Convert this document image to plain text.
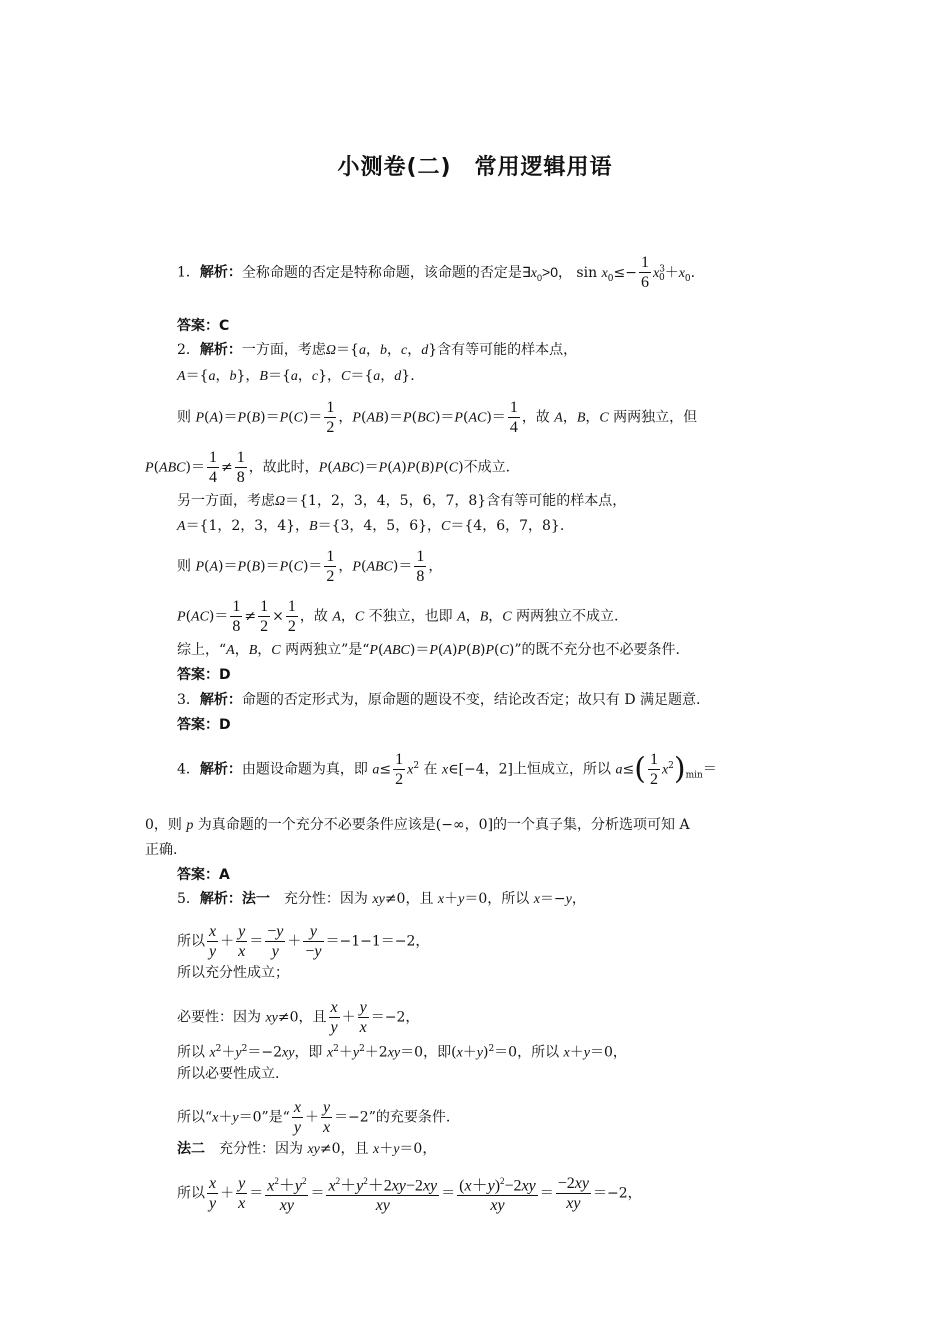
小测卷(二)　常用逻辑用语
1．解析：全称命题的否定是特称命题，该命题的否定是$\exists x_0>0$， $\sin x_0\le- \frac{1}{6} x^3_0+x_0$.
答案：C
2．解析：一方面，考虑Ω＝{a，b，c，d}含有等可能的样本点，
A＝{a，b}，B＝{a，c}，C＝{a，d}.
则 $P(A)=P(B)=P(C)= \frac{1}{2}$ ，$P(AB)=P(BC)=P(AC)= \frac{1}{4}$ ，故 A，B，C 两两独立，但
$P(ABC)= \frac{1}{4} \ne \frac{1}{8}$ ，故此时，P(ABC)＝P(A)P(B)P(C)不成立.
另一方面，考虑Ω＝{1，2，3，4，5，6，7，8}含有等可能的样本点，
A＝{1，2，3，4}，B＝{3，4，5，6}，C＝{4，6，7，8}.
则 $P(A)=P(B)=P(C)= \frac{1}{2}$ ，$P(ABC)= \frac{1}{8}$ ，
$P(AC)= \frac{1}{8} \ne \frac{1}{2} \times \frac{1}{2}$ ，故 A，C 不独立，也即 A，B，C 两两独立不成立.
综上，“A，B，C 两两独立”是“P(ABC)＝P(A)P(B)P(C)”的既不充分也不必要条件.
答案：D
3．解析：命题的否定形式为，原命题的题设不变，结论改否定；故只有 D 满足题意.
答案：D
4．解析：由题设命题为真，即 $a\le \frac{1}{2} x^2$ 在 x∈[−4，2]上恒成立，所以 $a\le( \frac{1}{2} x^2)_{min}=$
0，则 p 为真命题的一个充分不必要条件应该是(−∞，0]的一个真子集，分析选项可知 A
正确.
答案：A
5．解析：法一　充分性：因为 xy≠0，且 x＋y＝0，所以 x＝−y，
所以 $\frac{x}{y} + \frac{y}{x} = \frac{-y}{y} + \frac{y}{-y} =-1-1=-2$，
所以充分性成立；
必要性：因为 xy≠0，且 $\frac{x}{y} + \frac{y}{x} =-2$，
所以 $x^2+y^2=-2xy$，即 $x^2+y^2+2xy=0$，即$(x+y)^2=0$，所以 x＋y＝0，
所以必要性成立.
所以“x＋y＝0”是“ $\frac{x}{y} + \frac{y}{x} =-2$”的充要条件.
法二　充分性：因为 xy≠0，且 x＋y＝0，
所以 $\frac{x}{y} + \frac{y}{x} = \frac{x^2+y^2}{xy} = \frac{x^2+y^2+2xy-2xy}{xy} = \frac{(x+y)^2-2xy}{xy} = \frac{-2xy}{xy} =-2$，
